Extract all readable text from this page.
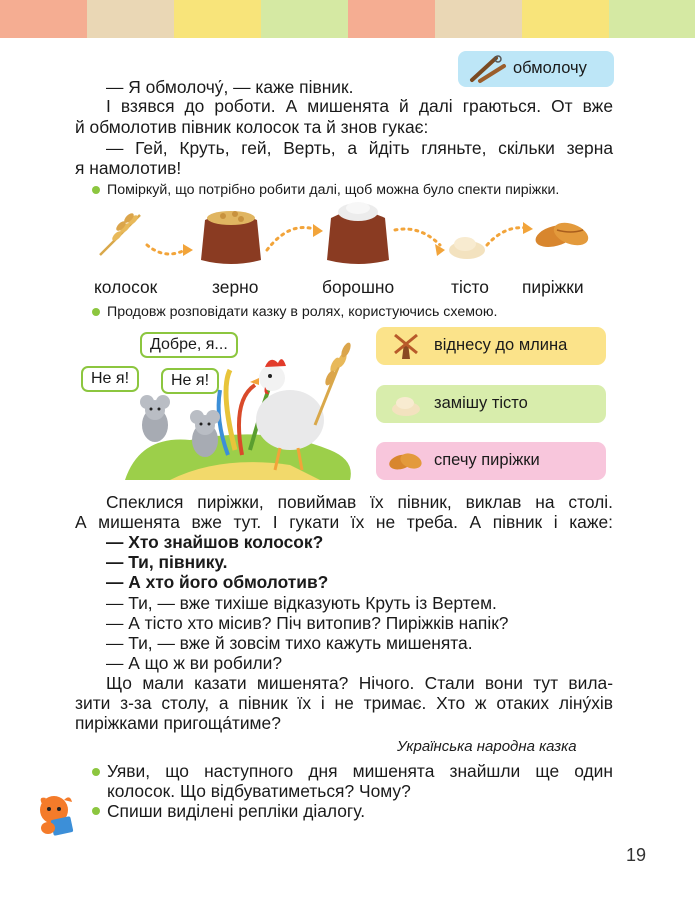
обмолочу
— Я обмолочу́, — каже півник.
І взявся до роботи. А мишенята й далі граються. От вже
й обмолотив півник колосок та й знов гукає:
— Гей, Круть, гей, Верть, а йдіть гляньте, скільки зерна
я намолотив!
Поміркуй, що потрібно робити далі, щоб можна було спекти пиріжки.
колосок	зерно	борошно	тісто пиріжки
Продовж розповідати казку в ролях, користуючись схемою.
Добре, я...
Не я!	Не я!
віднесу до млина
замішу тісто
спечу пиріжки
Спеклися пиріжки, повиймав їх півник, виклав на столі.
А мишенята вже тут. І гукати їх не треба. А півник і каже:
— Хто знайшов колосок?
— Ти, півнику.
— А хто його обмолотив?
— Ти, — вже тихіше відказують Круть із Вертем.
— А тісто хто місив? Піч витопив? Пиріжків напік?
— Ти, — вже й зовсім тихо кажуть мишенята.
— А що ж ви робили?
Що мали казати мишенята? Нічого. Стали вони тут вила-
зити з-за столу, а півник їх і не тримає. Хто ж отаких ліну́хів
пиріжками пригоща́тиме?
Українська народна казка
Уяви, що наступного дня мишенята знайшли ще один
колосок. Що відбуватиметься? Чому?
Спиши виділені репліки діалогу.
19
